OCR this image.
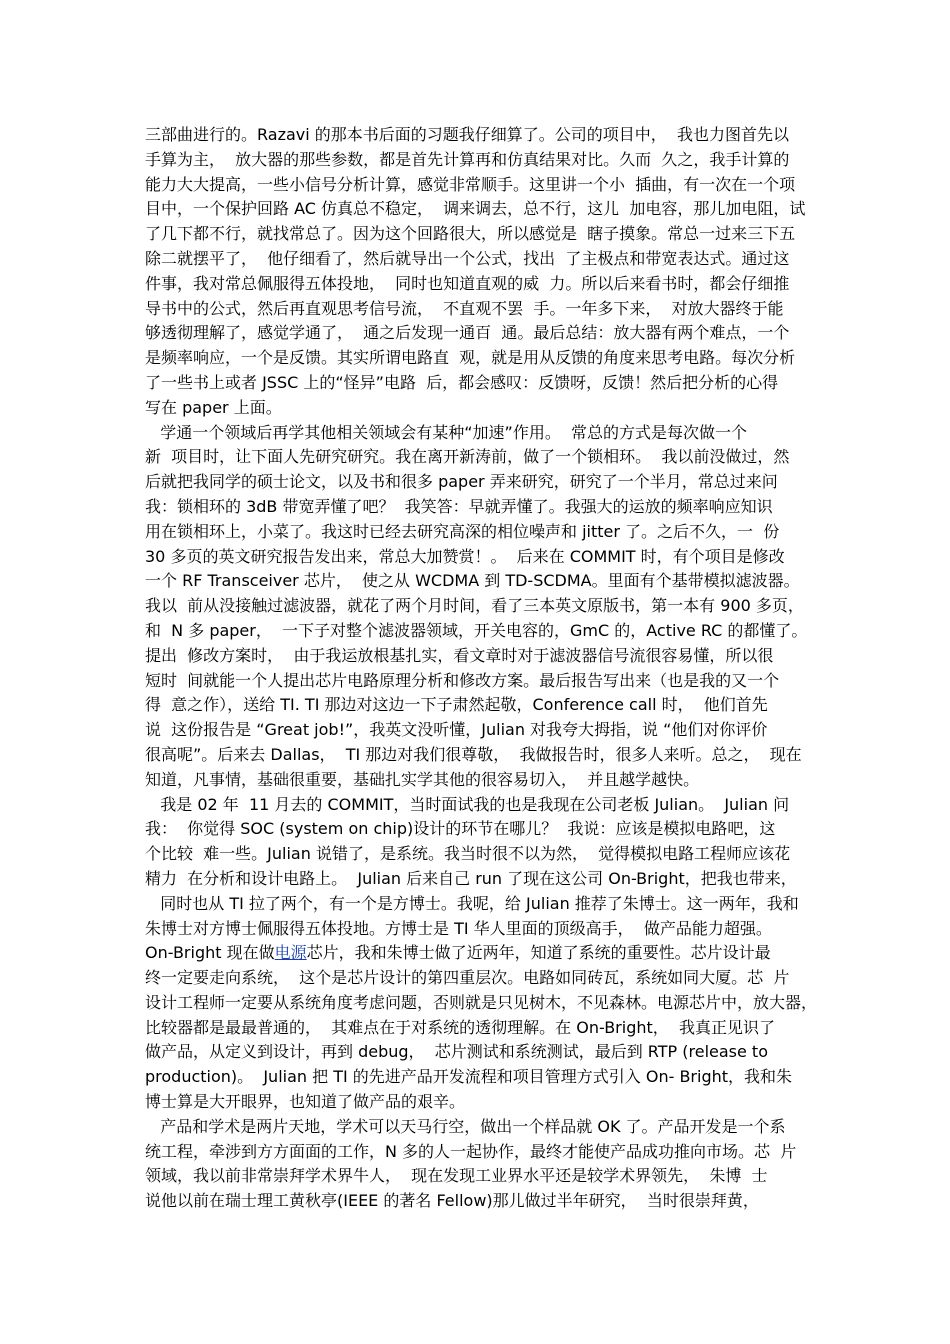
三部曲进行的。Razavi 的那本书后面的习题我仔细算了。公司的项目中，  我也力图首先以
手算为主，  放大器的那些参数，都是首先计算再和仿真结果对比。久而  久之，我手计算的
能力大大提高，一些小信号分析计算，感觉非常顺手。这里讲一个小  插曲，有一次在一个项
目中，一个保护回路 AC 仿真总不稳定，  调来调去，总不行，这儿  加电容，那儿加电阻，试
了几下都不行，就找常总了。因为这个回路很大，所以感觉是  瞎子摸象。常总一过来三下五
除二就摆平了，  他仔细看了，然后就导出一个公式，找出  了主极点和带宽表达式。通过这
件事，我对常总佩服得五体投地，  同时也知道直观的威  力。所以后来看书时，都会仔细推
导书中的公式，然后再直观思考信号流，  不直观不罢  手。一年多下来，  对放大器终于能
够透彻理解了，感觉学通了，  通之后发现一通百  通。最后总结：放大器有两个难点，一个
是频率响应，一个是反馈。其实所谓电路直  观，就是用从反馈的角度来思考电路。每次分析
了一些书上或者 JSSC 上的“怪异”电路  后，都会感叹：反馈呀，反馈！然后把分析的心得
写在 paper 上面。
学通一个领域后再学其他相关领域会有某种“加速”作用。  常总的方式是每次做一个
新  项目时，让下面人先研究研究。我在离开新涛前，做了一个锁相环。  我以前没做过，然
后就把我同学的硕士论文，以及书和很多 paper 弄来研究，研究了一个半月，常总过来问
我：锁相环的 3dB 带宽弄懂了吧？  我笑答：早就弄懂了。我强大的运放的频率响应知识
用在锁相环上，小菜了。我这时已经去研究高深的相位噪声和 jitter 了。之后不久，一  份
30 多页的英文研究报告发出来，常总大加赞赏！。  后来在 COMMIT 时，有个项目是修改
一个 RF Transceiver 芯片，  使之从 WCDMA 到 TD-SCDMA。里面有个基带模拟滤波器。
我以  前从没接触过滤波器，就花了两个月时间，看了三本英文原版书，第一本有 900 多页，
和  N 多 paper，  一下子对整个滤波器领域，开关电容的，GmC 的，Active RC 的都懂了。
提出  修改方案时，  由于我运放根基扎实，看文章时对于滤波器信号流很容易懂，所以很
短时  间就能一个人提出芯片电路原理分析和修改方案。最后报告写出来（也是我的又一个
得  意之作），送给 TI. TI 那边对这边一下子肃然起敬，Conference call 时，  他们首先
说  这份报告是 “Great job!”，我英文没听懂，Julian 对我夸大拇指，说 “他们对你评价
很高呢”。后来去 Dallas，  TI 那边对我们很尊敬，  我做报告时，很多人来听。总之，  现在
知道，凡事情，基础很重要，基础扎实学其他的很容易切入，  并且越学越快。
我是 02 年  11 月去的 COMMIT，当时面试我的也是我现在公司老板 Julian。  Julian 问
我：  你觉得 SOC (system on chip)设计的环节在哪儿？  我说：应该是模拟电路吧，这
个比较  难一些。Julian 说错了，是系统。我当时很不以为然，  觉得模拟电路工程师应该花
精力  在分析和设计电路上。  Julian 后来自己 run 了现在这公司 On-Bright，把我也带来，
同时也从 TI 拉了两个，有一个是方博士。我呢，给 Julian 推荐了朱博士。这一两年，我和
朱博士对方博士佩服得五体投地。方博士是 TI 华人里面的顶级高手，  做产品能力超强。
On-Bright 现在做电源芯片，我和朱博士做了近两年，知道了系统的重要性。芯片设计最
终一定要走向系统，  这个是芯片设计的第四重层次。电路如同砖瓦，系统如同大厦。芯  片
设计工程师一定要从系统角度考虑问题，否则就是只见树木，不见森林。电源芯片中，放大器，
比较器都是最最普通的，  其难点在于对系统的透彻理解。在 On-Bright，  我真正见识了
做产品，从定义到设计，再到 debug，  芯片测试和系统测试，最后到 RTP (release to
production)。  Julian 把 TI 的先进产品开发流程和项目管理方式引入 On- Bright，我和朱
博士算是大开眼界，也知道了做产品的艰辛。
产品和学术是两片天地，学术可以天马行空，做出一个样品就 OK 了。产品开发是一个系
统工程，牵涉到方方面面的工作，N 多的人一起协作，最终才能使产品成功推向市场。芯  片
领域，我以前非常崇拜学术界牛人，  现在发现工业界水平还是较学术界领先，  朱博  士
说他以前在瑞士理工黄秋亭(IEEE 的著名 Fellow)那儿做过半年研究，  当时很崇拜黄，
